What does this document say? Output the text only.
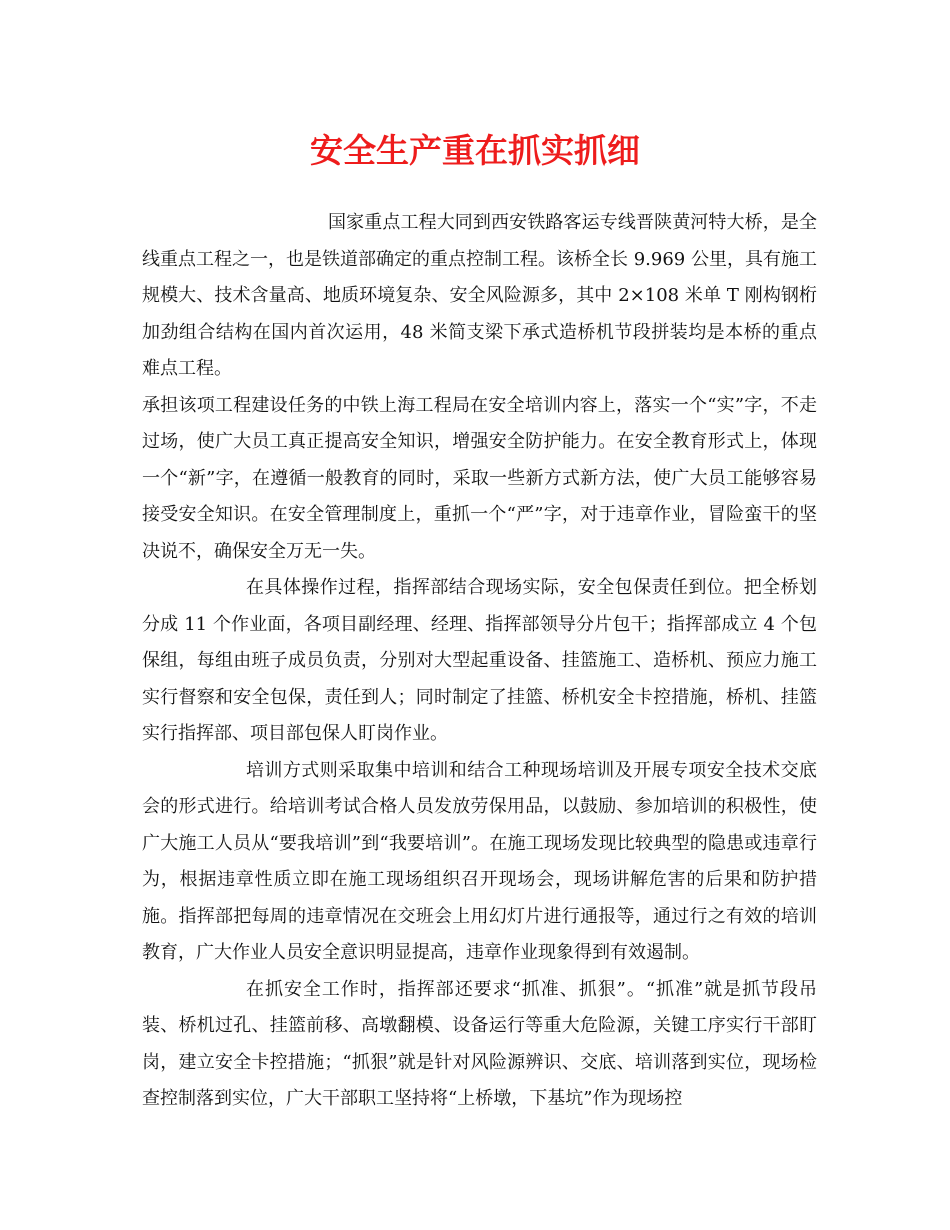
安全生产重在抓实抓细

国家重点工程大同到西安铁路客运专线晋陕黄河特大桥，是全线重点工程之一，也是铁道部确定的重点控制工程。该桥全长 9.969 公里，具有施工规模大、技术含量高、地质环境复杂、安全风险源多，其中 2×108 米单 T 刚构钢桁加劲组合结构在国内首次运用，48 米简支梁下承式造桥机节段拼装均是本桥的重点难点工程。

承担该项工程建设任务的中铁上海工程局在安全培训内容上，落实一个“实”字，不走过场，使广大员工真正提高安全知识，增强安全防护能力。在安全教育形式上，体现一个“新”字，在遵循一般教育的同时，采取一些新方式新方法，使广大员工能够容易接受安全知识。在安全管理制度上，重抓一个“严”字，对于违章作业，冒险蛮干的坚决说不，确保安全万无一失。

在具体操作过程，指挥部结合现场实际，安全包保责任到位。把全桥划分成 11 个作业面，各项目副经理、经理、指挥部领导分片包干；指挥部成立 4 个包保组，每组由班子成员负责，分别对大型起重设备、挂篮施工、造桥机、预应力施工实行督察和安全包保，责任到人；同时制定了挂篮、桥机安全卡控措施，桥机、挂篮实行指挥部、项目部包保人盯岗作业。

培训方式则采取集中培训和结合工种现场培训及开展专项安全技术交底会的形式进行。给培训考试合格人员发放劳保用品，以鼓励、参加培训的积极性，使广大施工人员从“要我培训”到“我要培训”。在施工现场发现比较典型的隐患或违章行为，根据违章性质立即在施工现场组织召开现场会，现场讲解危害的后果和防护措施。指挥部把每周的违章情况在交班会上用幻灯片进行通报等，通过行之有效的培训教育，广大作业人员安全意识明显提高，违章作业现象得到有效遏制。

在抓安全工作时，指挥部还要求“抓准、抓狠”。“抓准”就是抓节段吊装、桥机过孔、挂篮前移、高墩翻模、设备运行等重大危险源，关键工序实行干部盯岗，建立安全卡控措施；“抓狠”就是针对风险源辨识、交底、培训落到实位，现场检查控制落到实位，广大干部职工坚持将“上桥墩，下基坑”作为现场控
